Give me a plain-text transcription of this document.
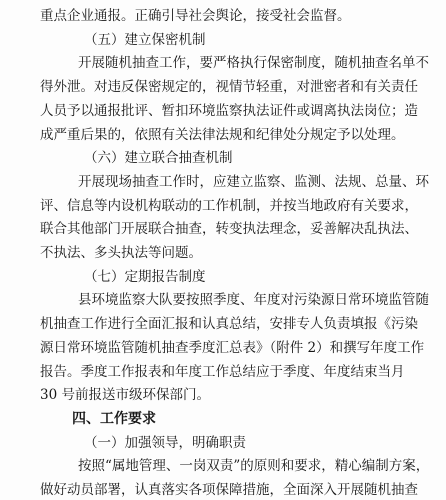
重点企业通报。正确引导社会舆论，接受社会监督。
（五）建立保密机制
开展随机抽查工作，要严格执行保密制度，随机抽查名单不
得外泄。对违反保密规定的，视情节轻重，对泄密者和有关责任
人员予以通报批评、暂扣环境监察执法证件或调离执法岗位；造
成严重后果的，依照有关法律法规和纪律处分规定予以处理。
（六）建立联合抽查机制
开展现场抽查工作时，应建立监察、监测、法规、总量、环
评、信息等内设机构联动的工作机制，并按当地政府有关要求，
联合其他部门开展联合抽查，转变执法理念，妥善解决乱执法、
不执法、多头执法等问题。
（七）定期报告制度
县环境监察大队要按照季度、年度对污染源日常环境监管随
机抽查工作进行全面汇报和认真总结，安排专人负责填报《污染
源日常环境监管随机抽查季度汇总表》（附件 2）和撰写年度工作
报告。季度工作报表和年度工作总结应于季度、年度结束当月
30 号前报送市级环保部门。
四、工作要求
（一）加强领导，明确职责
按照“属地管理、一岗双责”的原则和要求，精心编制方案，
做好动员部署，认真落实各项保障措施，全面深入开展随机抽查
